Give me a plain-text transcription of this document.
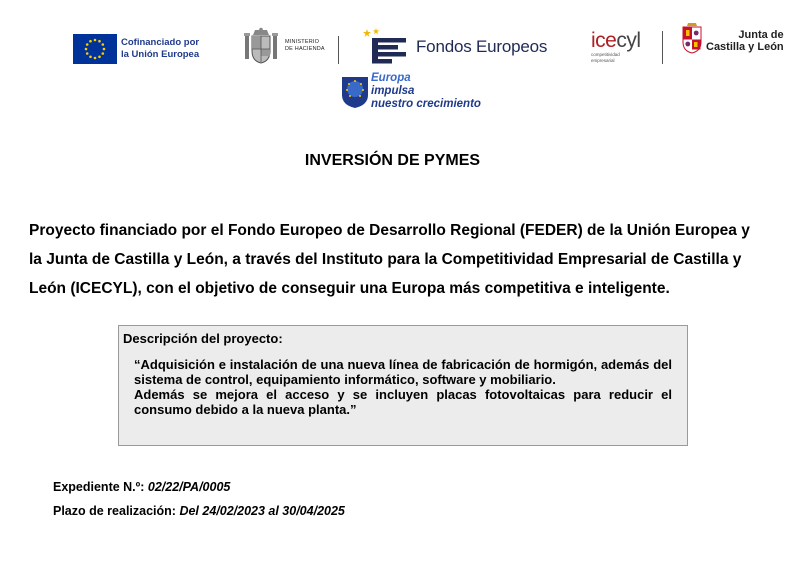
Cofinanciado por
la Unión Europea
MINISTERIO
DE HACIENDA	Fondos Europeos
Europa
impulsa
nuestro crecimiento
icecyl
competitividad
empresarial
Junta de
Castilla y León
INVERSIÓN DE PYMES

Proyecto financiado por el Fondo Europeo de Desarrollo Regional (FEDER) de la Unión Europea y la Junta de Castilla y León, a través del Instituto para la Competitividad Empresarial de Castilla y León (ICECYL), con el objetivo de conseguir una Europa más competitiva e inteligente.

Descripción del proyecto:

“Adquisición e instalación de una nueva línea de fabricación de hormigón, además del sistema de control, equipamiento informático, software y mobiliario.
Además se mejora el acceso y se incluyen placas fotovoltaicas para reducir el consumo debido a la nueva planta.”

Expediente N.º: 02/22/PA/0005

Plazo de realización: Del 24/02/2023 al 30/04/2025
